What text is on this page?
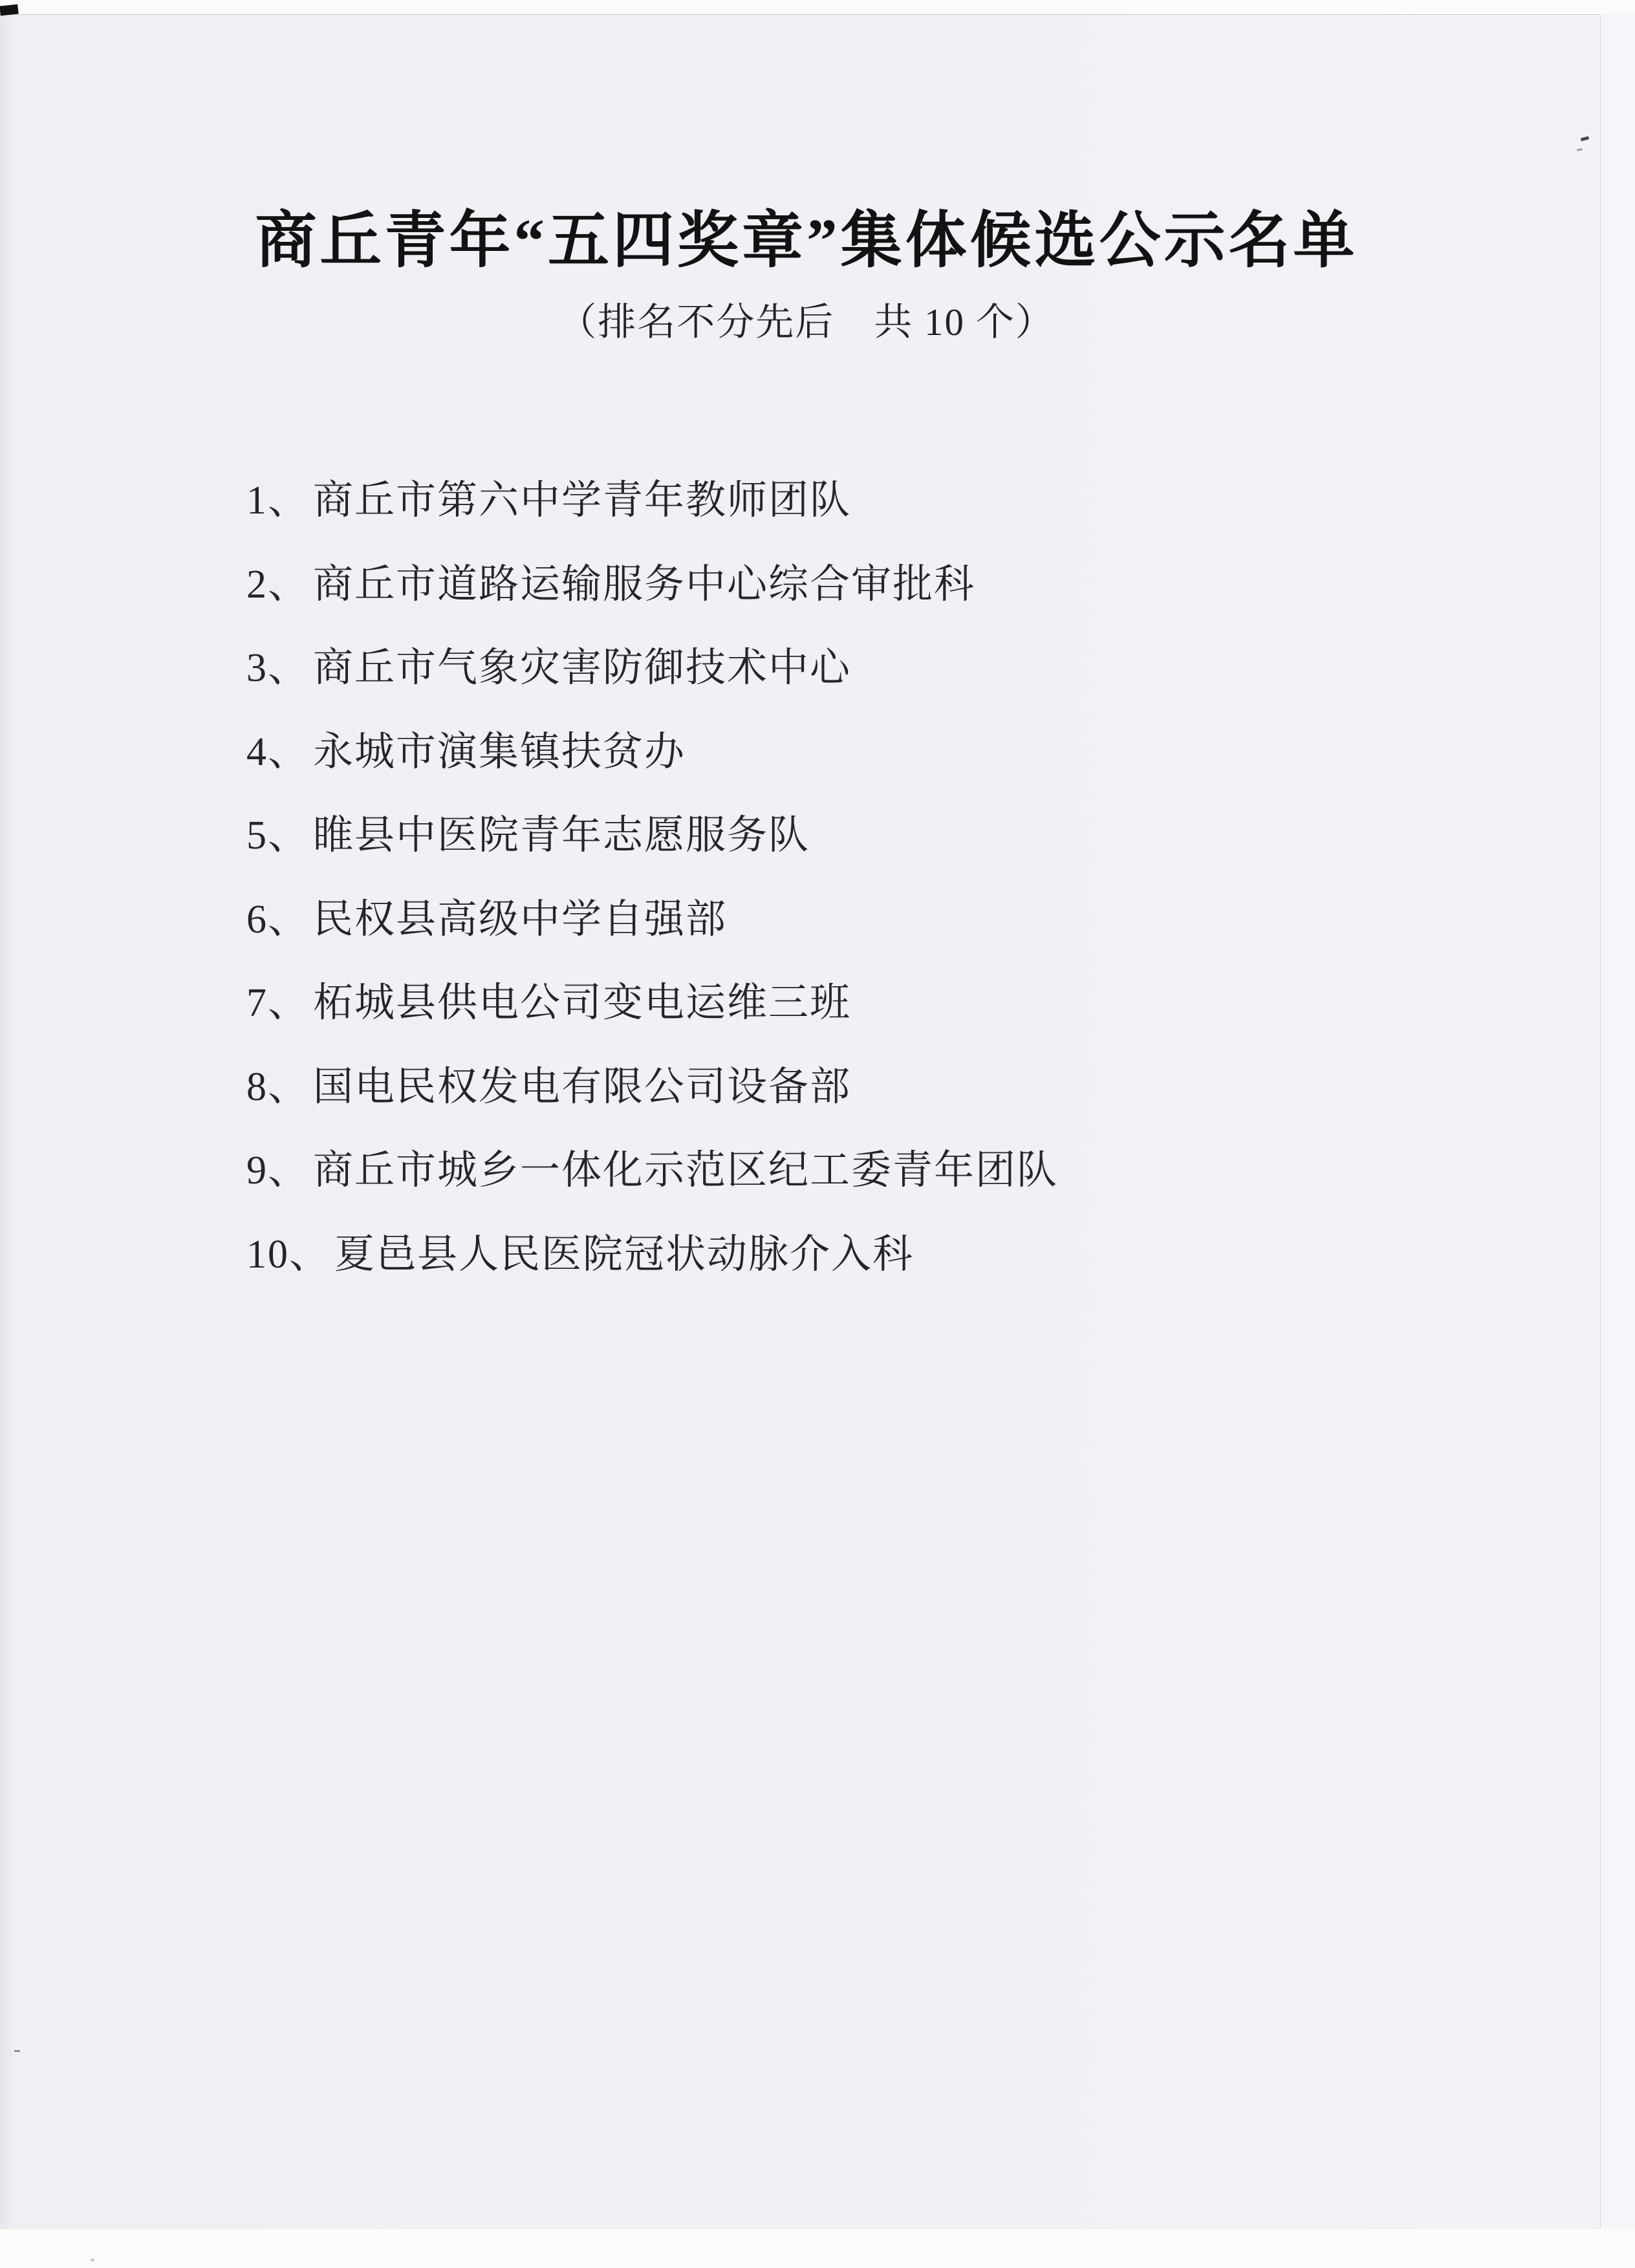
商丘青年“五四奖章”集体候选公示名单
（排名不分先后　共 10 个）
1、 商丘市第六中学青年教师团队
2、 商丘市道路运输服务中心综合审批科
3、 商丘市气象灾害防御技术中心
4、 永城市演集镇扶贫办
5、 睢县中医院青年志愿服务队
6、 民权县高级中学自强部
7、 柘城县供电公司变电运维三班
8、 国电民权发电有限公司设备部
9、 商丘市城乡一体化示范区纪工委青年团队
10、 夏邑县人民医院冠状动脉介入科
